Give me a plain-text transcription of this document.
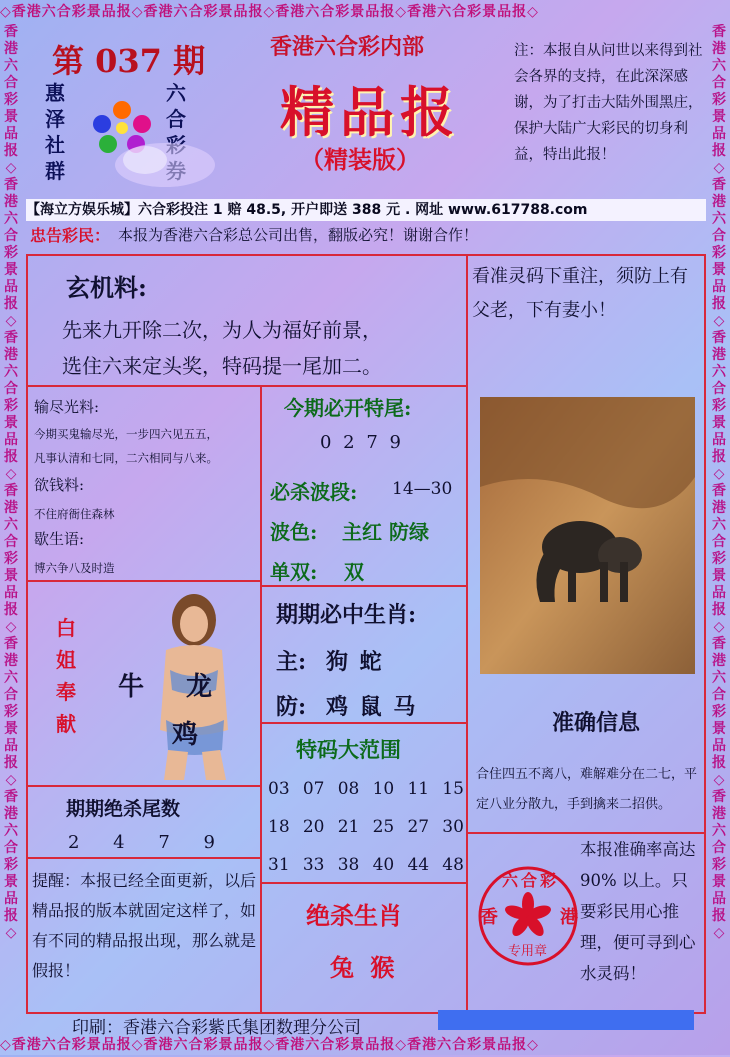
◇香港六合彩景品报◇香港六合彩景品报◇香港六合彩景品报◇香港六合彩景品报◇
◇香港六合彩景品报◇香港六合彩景品报◇香港六合彩景品报◇香港六合彩景品报◇
香港六合彩景品报◇香港六合彩景品报◇香港六合彩景品报◇香港六合彩景品报◇香港六合彩景品报◇香港六合彩景品报◇
香港六合彩景品报◇香港六合彩景品报◇香港六合彩景品报◇香港六合彩景品报◇香港六合彩景品报◇香港六合彩景品报◇
第 037 期
惠泽社群
六合
香港六合彩内部
精品报
（精装版）
注：本报自从问世以来得到社会各界的支持，在此深深感谢，为了打击大陆外围黑庄，保护大陆广大彩民的切身利益，特出此报！
【海立方娱乐城】六合彩投注 1 赔 48.5, 开户即送 388 元 . 网址 www.617788.com
忠告彩民： 本报为香港六合彩总公司出售，翻版必究！谢谢合作！
玄机料:
先来九开除二次，为人为福好前景，
选住六来定头奖，特码提一尾加二。
看准灵码下重注，须防上有父老，下有妻小！
输尽光料:
今期买鬼输尽光，一步四六见五五，
凡事认清和七同，二六相同与八来。
欲钱料:
不住府衙住森林
歇生语:
博六争八及时造
今期必开特尾:
0 2 7 9
必杀波段: 14—30
波色: 主红 防绿
单双: 双
期期必中生肖:
主: 狗 蛇
防: 鸡 鼠 马
白姐奉献
牛 龙
鸡	特码大范围
03 07 08 10 11 15
18 20 21 25 27 30
31 33 38 40 44 48
期期绝杀尾数
2 4 7 9
提醒：本报已经全面更新，以后精品报的版本就固定这样了，如有不同的精品报出现，那么就是假报！
绝杀生肖
兔 猴
准确信息
合住四五不离八，难解难分在二七，平定八业分散九，手到擒来二招供。
本报准确率高达 90% 以上。只要彩民用心推理，便可寻到心水灵码！
六合彩
香	港
专用章
印刷：香港六合彩紫氏集团数理分公司
